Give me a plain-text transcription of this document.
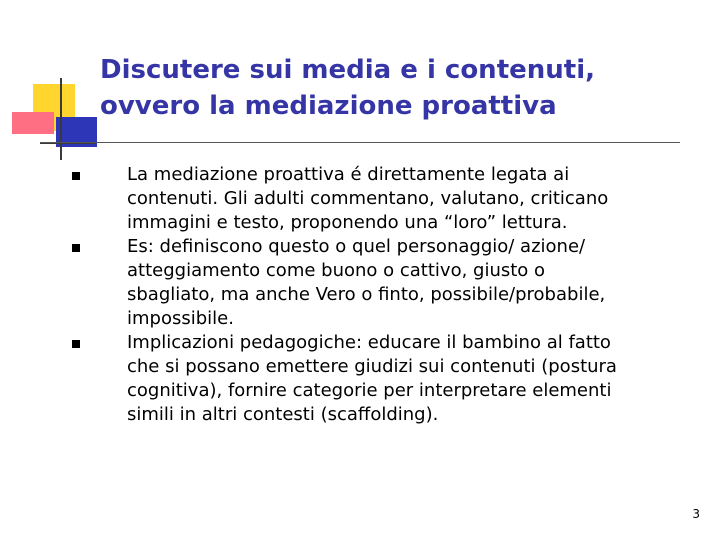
Discutere sui media e i contenuti,
ovvero la mediazione proattiva
La mediazione proattiva é direttamente legata ai
contenuti. Gli adulti commentano, valutano, criticano
immagini e testo, proponendo una “loro” lettura.
Es: definiscono questo o quel personaggio/ azione/
atteggiamento come buono o cattivo, giusto o
sbagliato, ma anche Vero o finto, possibile/probabile,
impossibile.
Implicazioni pedagogiche: educare il bambino al fatto
che si possano emettere giudizi sui contenuti (postura
cognitiva), fornire categorie per interpretare elementi
simili in altri contesti (scaffolding).
3
